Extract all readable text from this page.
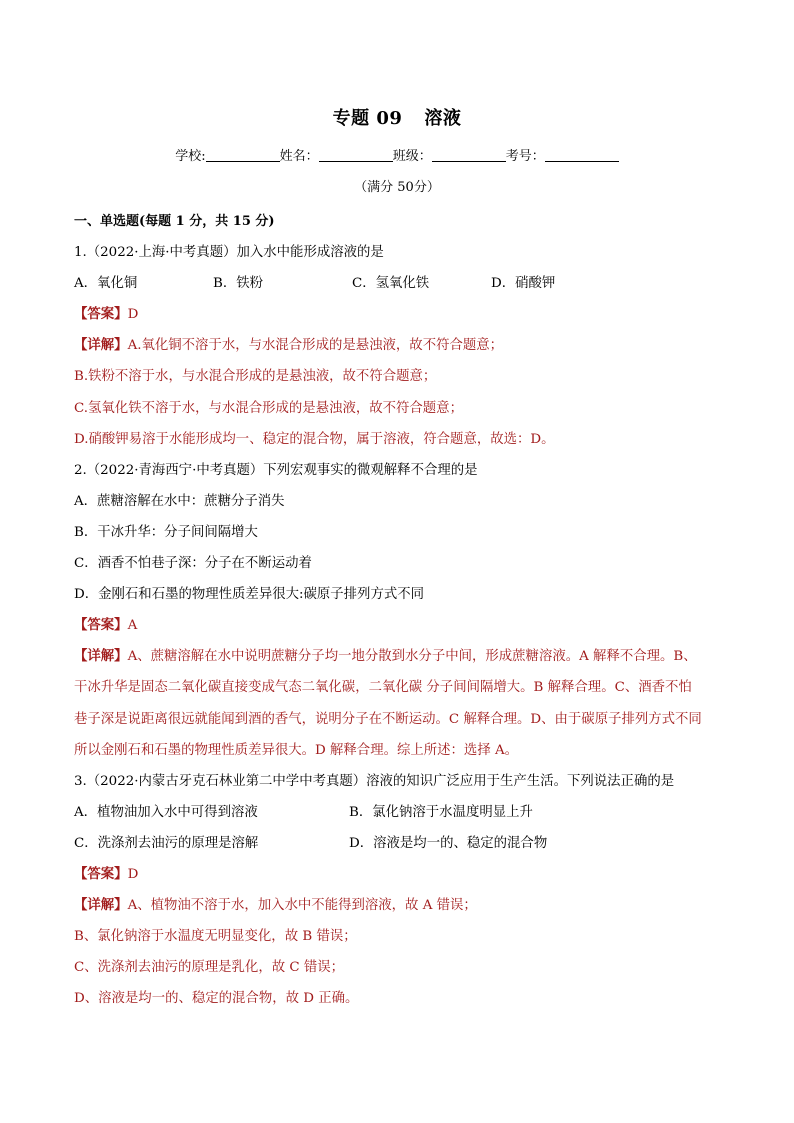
专题 09 溶液
学校:	姓名：	班级：	考号：
（满分 50分）
一、单选题(每题 1 分，共 15 分)
1.（2022·上海·中考真题）加入水中能形成溶液的是
A．氧化铜	B．铁粉	C．氢氧化铁	D．硝酸钾
【答案】D
【详解】A.氧化铜不溶于水，与水混合形成的是悬浊液，故不符合题意；
B.铁粉不溶于水，与水混合形成的是悬浊液，故不符合题意；
C.氢氧化铁不溶于水，与水混合形成的是悬浊液，故不符合题意；
D.硝酸钾易溶于水能形成均一、稳定的混合物，属于溶液，符合题意，故选：D。
2.（2022·青海西宁·中考真题）下列宏观事实的微观解释不合理的是
A．蔗糖溶解在水中：蔗糖分子消失
B．干冰升华：分子间间隔增大
C．酒香不怕巷子深：分子在不断运动着
D．金刚石和石墨的物理性质差异很大:碳原子排列方式不同
【答案】A
【详解】A、蔗糖溶解在水中说明蔗糖分子均一地分散到水分子中间，形成蔗糖溶液。A 解释不合理。B、
干冰升华是固态二氧化碳直接变成气态二氧化碳，二氧化碳 分子间间隔增大。B 解释合理。C、酒香不怕
巷子深是说距离很远就能闻到酒的香气，说明分子在不断运动。C 解释合理。D、由于碳原子排列方式不同
所以金刚石和石墨的物理性质差异很大。D 解释合理。综上所述：选择 A。
3.（2022·内蒙古牙克石林业第二中学中考真题）溶液的知识广泛应用于生产生活。下列说法正确的是
A．植物油加入水中可得到溶液	B．氯化钠溶于水温度明显上升
C．洗涤剂去油污的原理是溶解	D．溶液是均一的、稳定的混合物
【答案】D
【详解】A、植物油不溶于水，加入水中不能得到溶液，故 A 错误；
B、氯化钠溶于水温度无明显变化，故 B 错误；
C、洗涤剂去油污的原理是乳化，故 C 错误；
D、溶液是均一的、稳定的混合物，故 D 正确。
